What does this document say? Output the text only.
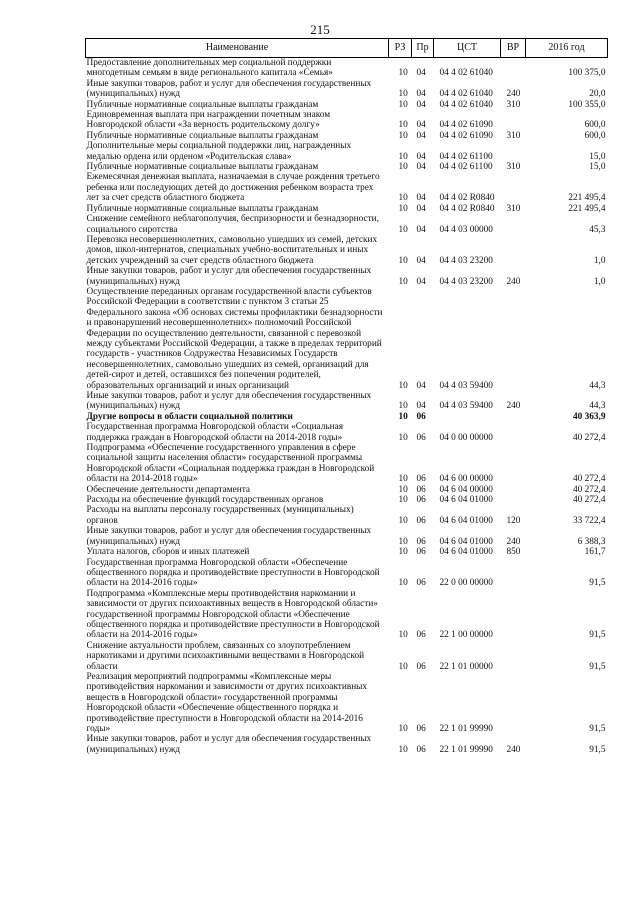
215
Наименование	РЗ	Пр	ЦСТ	ВР	2016 год
Предоставление дополнительных мер социальной поддержки многодетным семьям в виде регионального капитала «Семья»	10	04	04 4 02 61040		100 375,0
Иные закупки товаров, работ и услуг для обеспечения государственных (муниципальных) нужд	10	04	04 4 02 61040	240	20,0
Публичные нормативные социальные выплаты гражданам	10	04	04 4 02 61040	310	100 355,0
Единовременная выплата при награждении почетным знаком Новгородской области «За верность родительскому долгу»	10	04	04 4 02 61090		600,0
Публичные нормативные социальные выплаты гражданам	10	04	04 4 02 61090	310	600,0
Дополнительные меры социальной поддержки лиц, награжденных медалью ордена или орденом «Родительская слава»	10	04	04 4 02 61100		15,0
Публичные нормативные социальные выплаты гражданам	10	04	04 4 02 61100	310	15,0
Ежемесячная денежная выплата, назначаемая в случае рождения третьего ребенка или последующих детей до достижения ребенком возраста трех лет за счет средств областного бюджета	10	04	04 4 02 R0840		221 495,4
Публичные нормативные социальные выплаты гражданам	10	04	04 4 02 R0840	310	221 495,4
Снижение семейного неблагополучия, беспризорности и безнадзорности, социального сиротства	10	04	04 4 03 00000		45,3
Перевозка несовершеннолетних, самовольно ушедших из семей, детских домов, школ-интернатов, специальных учебно-воспитательных и иных детских учреждений за счет средств областного бюджета	10	04	04 4 03 23200		1,0
Иные закупки товаров, работ и услуг для обеспечения государственных (муниципальных) нужд	10	04	04 4 03 23200	240	1,0
Осуществление переданных органам государственной власти субъектов Российской Федерации в соответствии с пунктом 3 статьи 25 Федерального закона «Об основах системы профилактики безнадзорности и правонарушений несовершеннолетних» полномочий Российской Федерации по осуществлению деятельности, связанной с перевозкой между субъектами Российской Федерации, а также в пределах территорий государств - участников Содружества Независимых Государств несовершеннолетних, самовольно ушедших из семей, организаций для детей-сирот и детей, оставшихся без попечения родителей, образовательных организаций и иных организаций	10	04	04 4 03 59400		44,3
Иные закупки товаров, работ и услуг для обеспечения государственных (муниципальных) нужд	10	04	04 4 03 59400	240	44,3
Другие вопросы в области социальной политики	10	06			40 363,9
Государственная программа Новгородской области «Социальная поддержка граждан в Новгородской области на 2014-2018 годы»	10	06	04 0 00 00000		40 272,4
Подпрограмма «Обеспечение государственного управления в сфере социальной защиты населения области» государственной программы Новгородской области «Социальная поддержка граждан в Новгородской области на 2014-2018 годы»	10	06	04 6 00 00000		40 272,4
Обеспечение деятельности департамента	10	06	04 6 04 00000		40 272,4
Расходы на обеспечение функций государственных органов	10	06	04 6 04 01000		40 272,4
Расходы на выплаты персоналу государственных (муниципальных) органов	10	06	04 6 04 01000	120	33 722,4
Иные закупки товаров, работ и услуг для обеспечения государственных (муниципальных) нужд	10	06	04 6 04 01000	240	6 388,3
Уплата налогов, сборов и иных платежей	10	06	04 6 04 01000	850	161,7
Государственная программа Новгородской области «Обеспечение общественного порядка и противодействие преступности в Новгородской области на 2014-2016 годы»	10	06	22 0 00 00000		91,5
Подпрограмма «Комплексные меры противодействия наркомании и зависимости от других психоактивных веществ в Новгородской области» государственной программы Новгородской области «Обеспечение общественного порядка и противодействие преступности в Новгородской области на 2014-2016 годы»	10	06	22 1 00 00000		91,5
Снижение актуальности проблем, связанных со злоупотреблением наркотиками и другими психоактивными веществами в Новгородской области	10	06	22 1 01 00000		91,5
Реализация мероприятий подпрограммы «Комплексные меры противодействия наркомании и зависимости от других психоактивных веществ в Новгородской области» государственной программы Новгородской области «Обеспечение общественного порядка и противодействие преступности в Новгородской области на 2014-2016 годы»	10	06	22 1 01 99990		91,5
Иные закупки товаров, работ и услуг для обеспечения государственных (муниципальных) нужд	10	06	22 1 01 99990	240	91,5
